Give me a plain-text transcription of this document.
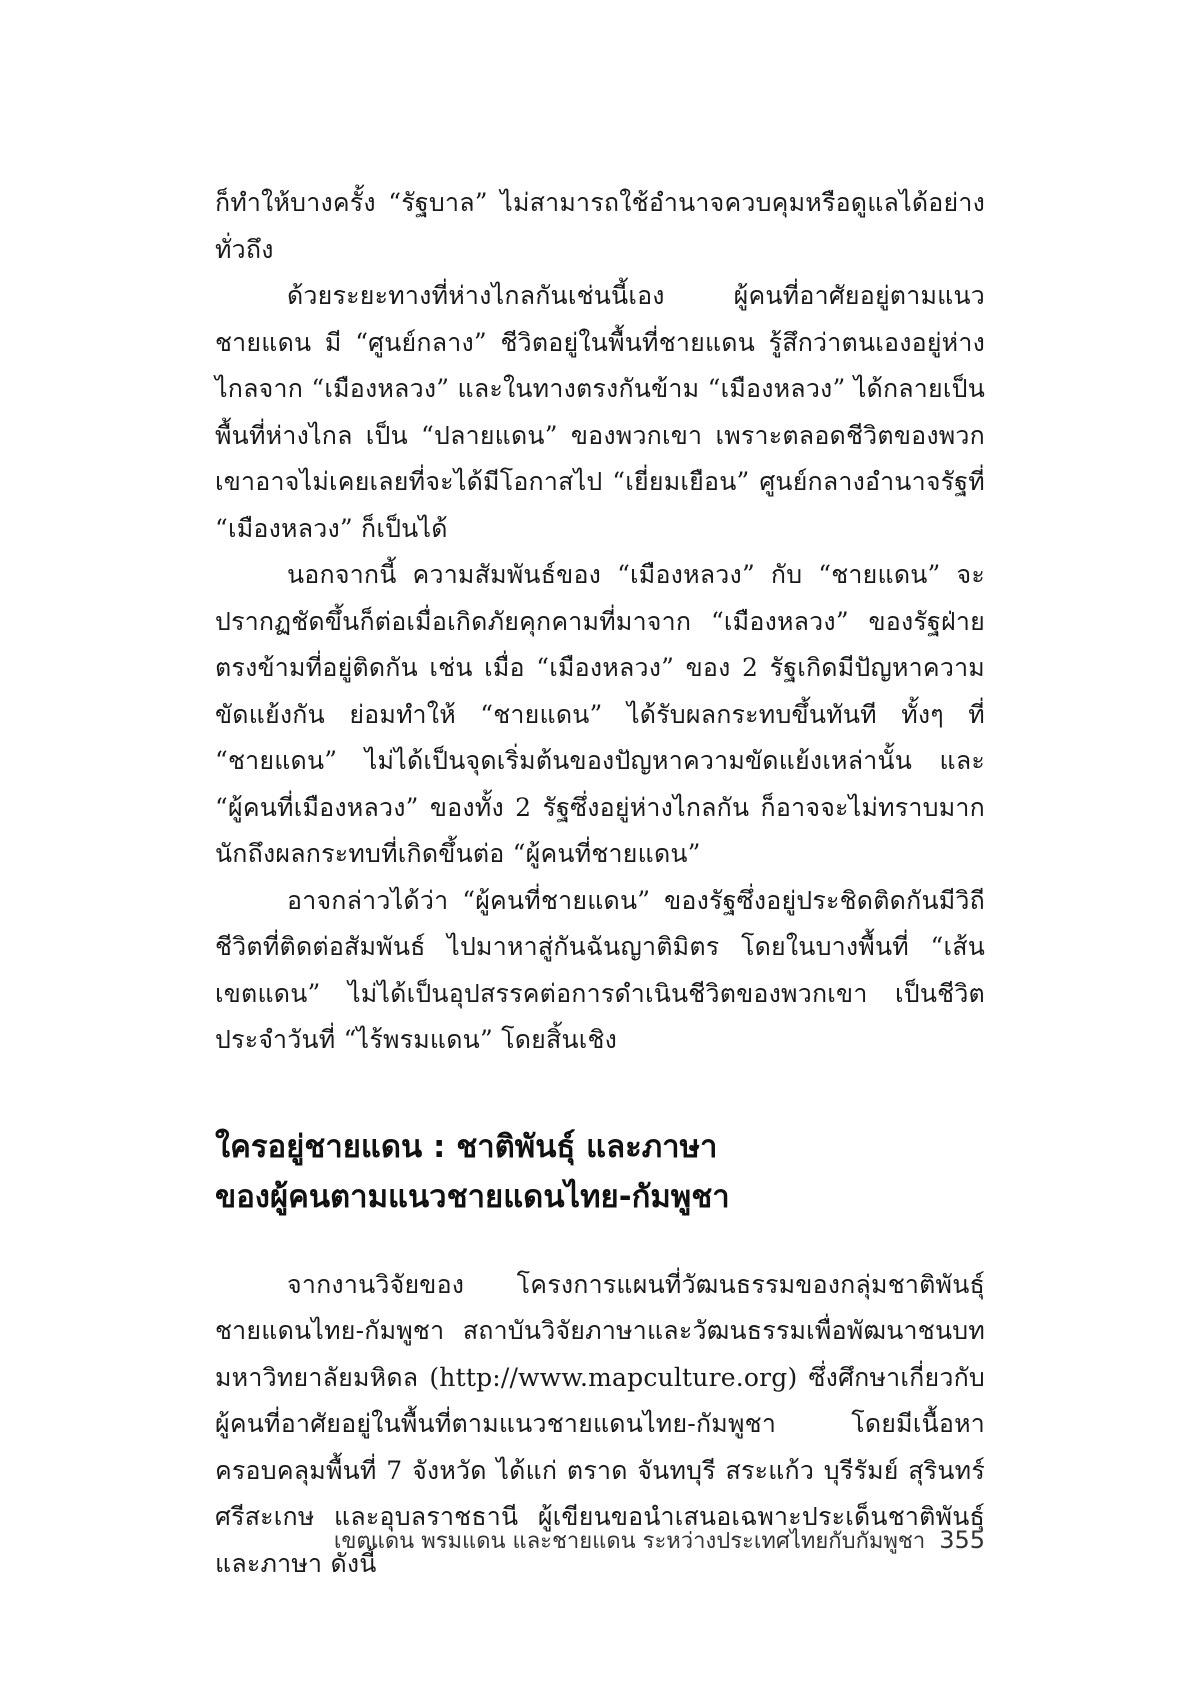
ก็ทำให้บางครั้ง “รัฐบาล” ไม่สามารถใช้อำนาจควบคุมหรือดูแลได้อย่างทั่วถึง

ด้วยระยะทางที่ห่างไกลกันเช่นนี้เอง ผู้คนที่อาศัยอยู่ตามแนวชายแดน มี “ศูนย์กลาง” ชีวิตอยู่ในพื้นที่ชายแดน รู้สึกว่าตนเองอยู่ห่างไกลจาก “เมืองหลวง” และในทางตรงกันข้าม “เมืองหลวง” ได้กลายเป็นพื้นที่ห่างไกล เป็น “ปลายแดน” ของพวกเขา เพราะตลอดชีวิตของพวกเขาอาจไม่เคยเลยที่จะได้มีโอกาสไป “เยี่ยมเยือน” ศูนย์กลางอำนาจรัฐที่ “เมืองหลวง” ก็เป็นได้

นอกจากนี้ ความสัมพันธ์ของ “เมืองหลวง” กับ “ชายแดน” จะปรากฏชัดขึ้นก็ต่อเมื่อเกิดภัยคุกคามที่มาจาก “เมืองหลวง” ของรัฐฝ่ายตรงข้ามที่อยู่ติดกัน เช่น เมื่อ “เมืองหลวง” ของ 2 รัฐเกิดมีปัญหาความขัดแย้งกัน ย่อมทำให้ “ชายแดน” ได้รับผลกระทบขึ้นทันที ทั้งๆ ที่ “ชายแดน” ไม่ได้เป็นจุดเริ่มต้นของปัญหาความขัดแย้งเหล่านั้น และ “ผู้คนที่เมืองหลวง” ของทั้ง 2 รัฐซึ่งอยู่ห่างไกลกัน ก็อาจจะไม่ทราบมากนักถึงผลกระทบที่เกิดขึ้นต่อ “ผู้คนที่ชายแดน”

อาจกล่าวได้ว่า “ผู้คนที่ชายแดน” ของรัฐซึ่งอยู่ประชิดติดกันมีวิถีชีวิตที่ติดต่อสัมพันธ์ ไปมาหาสู่กันฉันญาติมิตร โดยในบางพื้นที่ “เส้นเขตแดน” ไม่ได้เป็นอุปสรรคต่อการดำเนินชีวิตของพวกเขา เป็นชีวิตประจำวันที่ “ไร้พรมแดน” โดยสิ้นเชิง

ใครอยู่ชายแดน : ชาติพันธุ์ และภาษา
ของผู้คนตามแนวชายแดนไทย-กัมพูชา

จากงานวิจัยของ โครงการแผนที่วัฒนธรรมของกลุ่มชาติพันธุ์ชายแดนไทย-กัมพูชา สถาบันวิจัยภาษาและวัฒนธรรมเพื่อพัฒนาชนบท มหาวิทยาลัยมหิดล (http://www.mapculture.org) ซึ่งศึกษาเกี่ยวกับผู้คนที่อาศัยอยู่ในพื้นที่ตามแนวชายแดนไทย-กัมพูชา โดยมีเนื้อหาครอบคลุมพื้นที่ 7 จังหวัด ได้แก่ ตราด จันทบุรี สระแก้ว บุรีรัมย์ สุรินทร์ ศรีสะเกษ และอุบลราชธานี ผู้เขียนขอนำเสนอเฉพาะประเด็นชาติพันธุ์และภาษา ดังนี้

เขตแดน พรมแดน และชายแดน ระหว่างประเทศไทยกับกัมพูชา 355
